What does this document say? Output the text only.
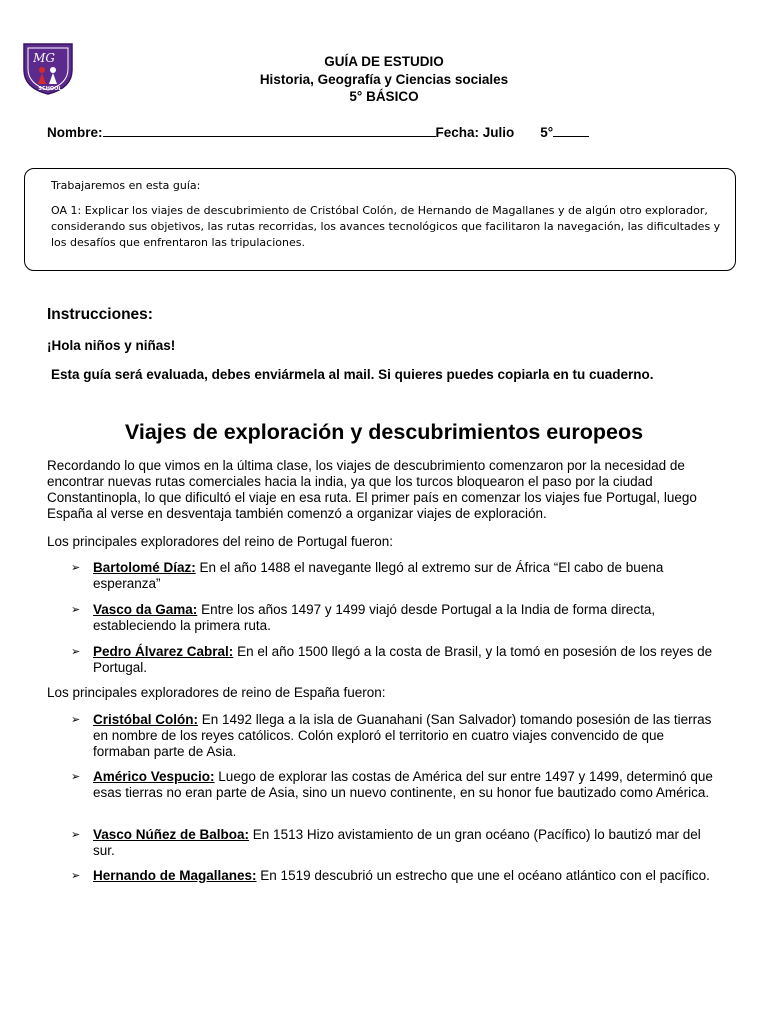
MG
SCHOOL
GUÍA DE ESTUDIO
Historia, Geografía y Ciencias sociales
5° BÁSICO
Nombre:	Fecha: Julio 5°
Trabajaremos en esta guía:
OA 1: Explicar los viajes de descubrimiento de Cristóbal Colón, de Hernando de Magallanes y de algún otro explorador, considerando sus objetivos, las rutas recorridas, los avances tecnológicos que facilitaron la navegación, las dificultades y los desafíos que enfrentaron las tripulaciones.
Instrucciones:
¡Hola niños y niñas!
Esta guía será evaluada, debes enviármela al mail. Si quieres puedes copiarla en tu cuaderno.
Viajes de exploración y descubrimientos europeos
Recordando lo que vimos en la última clase, los viajes de descubrimiento comenzaron por la necesidad de encontrar nuevas rutas comerciales hacia la india, ya que los turcos bloquearon el paso por la ciudad Constantinopla, lo que dificultó el viaje en esa ruta. El primer país en comenzar los viajes fue Portugal, luego España al verse en desventaja también comenzó a organizar viajes de exploración.
Los principales exploradores del reino de Portugal fueron:
➢ Bartolomé Díaz: En el año 1488 el navegante llegó al extremo sur de África “El cabo de buena esperanza”
➢ Vasco da Gama: Entre los años 1497 y 1499 viajó desde Portugal a la India de forma directa, estableciendo la primera ruta.
➢ Pedro Álvarez Cabral: En el año 1500 llegó a la costa de Brasil, y la tomó en posesión de los reyes de Portugal.
Los principales exploradores de reino de España fueron:
➢ Cristóbal Colón: En 1492 llega a la isla de Guanahani (San Salvador) tomando posesión de las tierras en nombre de los reyes católicos. Colón exploró el territorio en cuatro viajes convencido de que formaban parte de Asia.
➢ Américo Vespucio: Luego de explorar las costas de América del sur entre 1497 y 1499, determinó que esas tierras no eran parte de Asia, sino un nuevo continente, en su honor fue bautizado como América.
➢ Vasco Núñez de Balboa: En 1513 Hizo avistamiento de un gran océano (Pacífico) lo bautizó mar del sur.
➢ Hernando de Magallanes: En 1519 descubrió un estrecho que une el océano atlántico con el pacífico.
